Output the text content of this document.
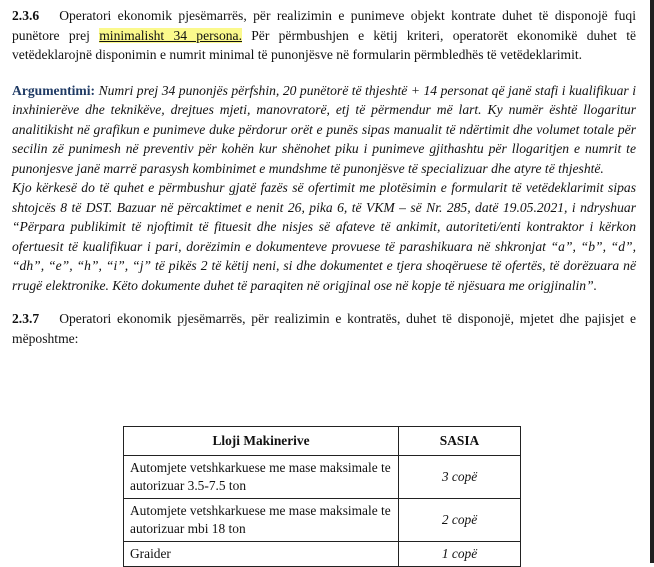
2.3.6 Operatori ekonomik pjesëmarrës, për realizimin e punimeve objekt kontrate duhet të disponojë fuqi punëtore prej minimalisht 34 persona. Për përmbushjen e këtij kriteri, operatorët ekonomikë duhet të vetëdeklarojnë disponimin e numrit minimal të punonjësve në formularin përmbledhës të vetëdeklarimit.

Argumentimi: Numri prej 34 punonjës përfshin, 20 punëtorë të thjeshtë + 14 personat që janë stafi i kualifikuar i inxhinierëve dhe teknikëve, drejtues mjeti, manovratorë, etj të përmendur më lart. Ky numër është llogaritur analitikisht në grafikun e punimeve duke përdorur orët e punës sipas manualit të ndërtimit dhe volumet totale për secilin zë punimesh në preventiv për kohën kur shënohet piku i punimeve gjithashtu për llogaritjen e numrit te punonjesve janë marrë parasysh kombinimet e mundshme të punonjësve të specializuar dhe atyre të thjeshtë.

Kjo kërkesë do të quhet e përmbushur gjatë fazës së ofertimit me plotësimin e formularit të vetëdeklarimit sipas shtojcës 8 të DST. Bazuar në përcaktimet e nenit 26, pika 6, të VKM – së Nr. 285, datë 19.05.2021, i ndryshuar “Përpara publikimit të njoftimit të fituesit dhe nisjes së afateve të ankimit, autoriteti/enti kontraktor i kërkon ofertuesit të kualifikuar i pari, dorëzimin e dokumenteve provuese të parashikuara në shkronjat “a”, “b”, “d”, “dh”, “e”, “h”, “i”, “j” të pikës 2 të këtij neni, si dhe dokumentet e tjera shoqëruese të ofertës, të dorëzuara në rrugë elektronike. Këto dokumente duhet të paraqiten në origjinal ose në kopje të njësuara me origjinalin”.

2.3.7 Operatori ekonomik pjesëmarrës, për realizimin e kontratës, duhet të disponojë, mjetet dhe pajisjet e mëposhtme:

Lloji Makinerive	SASIA
Automjete vetshkarkuese me mase maksimale te autorizuar 3.5-7.5 ton	3 copë
Automjete vetshkarkuese me mase maksimale te autorizuar mbi 18 ton	2 copë
Graider	1 copë
